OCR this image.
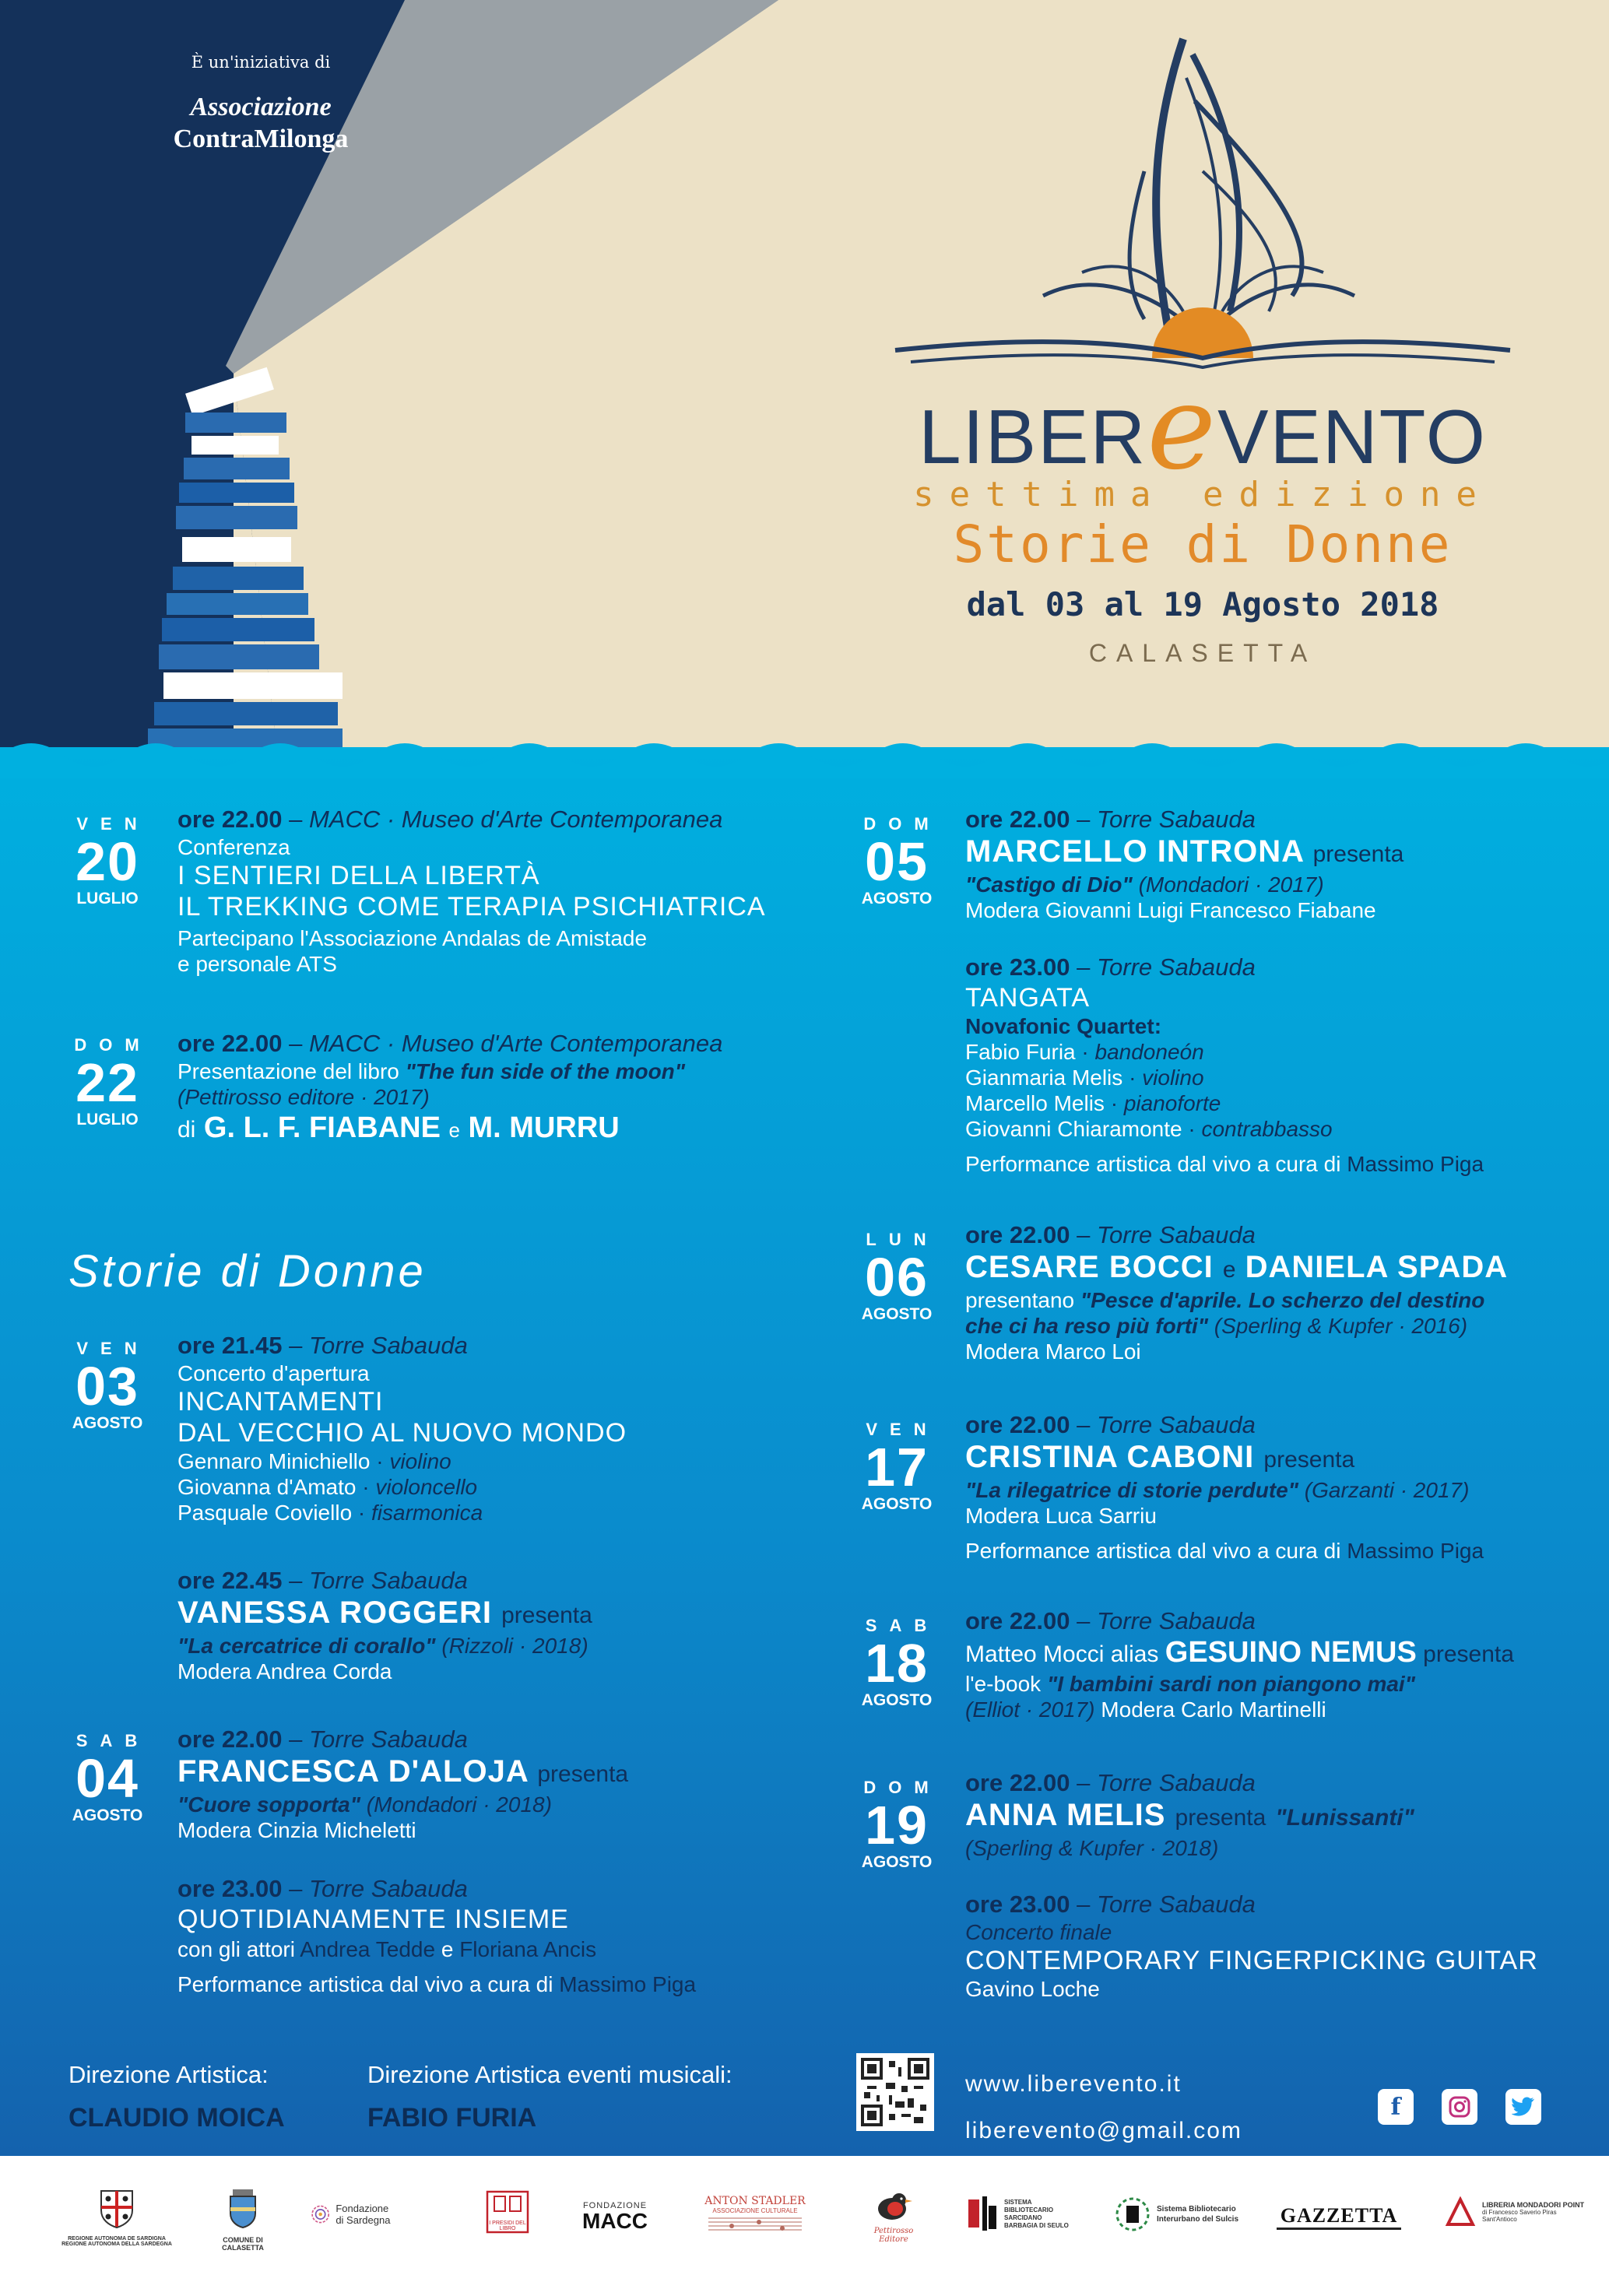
È un'iniziativa di
Associazione
ContraMilonga
LIBEReVENTO
settima edizione
Storie di Donne
dal 03 al 19 Agosto 2018
CALASETTA
VEN
20
LUGLIO
ore 22.00 – MACC · Museo d'Arte Contemporanea
Conferenza
I SENTIERI DELLA LIBERTÀ
IL TREKKING COME TERAPIA PSICHIATRICA
Partecipano l'Associazione Andalas de Amistade
e personale ATS
DOM
22
LUGLIO
ore 22.00 – MACC · Museo d'Arte Contemporanea
Presentazione del libro "The fun side of the moon"
(Pettirosso editore · 2017)
di G. L. F. FIABANE e M. MURRU
Storie di Donne
VEN
03
AGOSTO
ore 21.45 – Torre Sabauda
Concerto d'apertura
INCANTAMENTI
DAL VECCHIO AL NUOVO MONDO
Gennaro Minichiello · violino
Giovanna d'Amato · violoncello
Pasquale Coviello · fisarmonica
ore 22.45 – Torre Sabauda
VANESSA ROGGERI presenta
"La cercatrice di corallo" (Rizzoli · 2018)
Modera Andrea Corda
SAB
04
AGOSTO
ore 22.00 – Torre Sabauda
FRANCESCA D'ALOJA presenta
"Cuore sopporta" (Mondadori · 2018)
Modera Cinzia Micheletti
ore 23.00 – Torre Sabauda
QUOTIDIANAMENTE INSIEME
con gli attori Andrea Tedde e Floriana Ancis
Performance artistica dal vivo a cura di Massimo Piga
DOM
05
AGOSTO
ore 22.00 – Torre Sabauda
MARCELLO INTRONA presenta
"Castigo di Dio" (Mondadori · 2017)
Modera Giovanni Luigi Francesco Fiabane
ore 23.00 – Torre Sabauda
TANGATA
Novafonic Quartet:
Fabio Furia · bandoneón
Gianmaria Melis · violino
Marcello Melis · pianoforte
Giovanni Chiaramonte · contrabbasso
Performance artistica dal vivo a cura di Massimo Piga
LUN
06
AGOSTO
ore 22.00 – Torre Sabauda
CESARE BOCCI e DANIELA SPADA
presentano "Pesce d'aprile. Lo scherzo del destino
che ci ha reso più forti" (Sperling & Kupfer · 2016)
Modera Marco Loi
VEN
17
AGOSTO
ore 22.00 – Torre Sabauda
CRISTINA CABONI presenta
"La rilegatrice di storie perdute" (Garzanti · 2017)
Modera Luca Sarriu
Performance artistica dal vivo a cura di Massimo Piga
SAB
18
AGOSTO
ore 22.00 – Torre Sabauda
Matteo Mocci alias GESUINO NEMUS presenta
l'e-book "I bambini sardi non piangono mai"
(Elliot · 2017) Modera Carlo Martinelli
DOM
19
AGOSTO
ore 22.00 – Torre Sabauda
ANNA MELIS presenta "Lunissanti"
(Sperling & Kupfer · 2018)
ore 23.00 – Torre Sabauda
Concerto finale
CONTEMPORARY FINGERPICKING GUITAR
Gavino Loche
Direzione Artistica:
CLAUDIO MOICA
Direzione Artistica eventi musicali:
FABIO FURIA
www.liberevento.it
liberevento@gmail.com
f
REGIONE AUTONOMA DE SARDIGNA
REGIONE AUTONOMA DELLA SARDEGNA
COMUNE DI CALASETTA
Fondazione di Sardegna	I PRESIDI DEL LIBRO
FONDAZIONE
MACC
ANTON STADLER
ASSOCIAZIONE CULTURALE
Pettirosso Editore
SISTEMA BIBLIOTECARIO SARCIDANO BARBAGIA DI SEULO
Sistema Bibliotecario Interurbano del Sulcis	GAZZETTA	LIBRERIA MONDADORI POINT
di Francesco Saverio Piras Sant'Antioco
